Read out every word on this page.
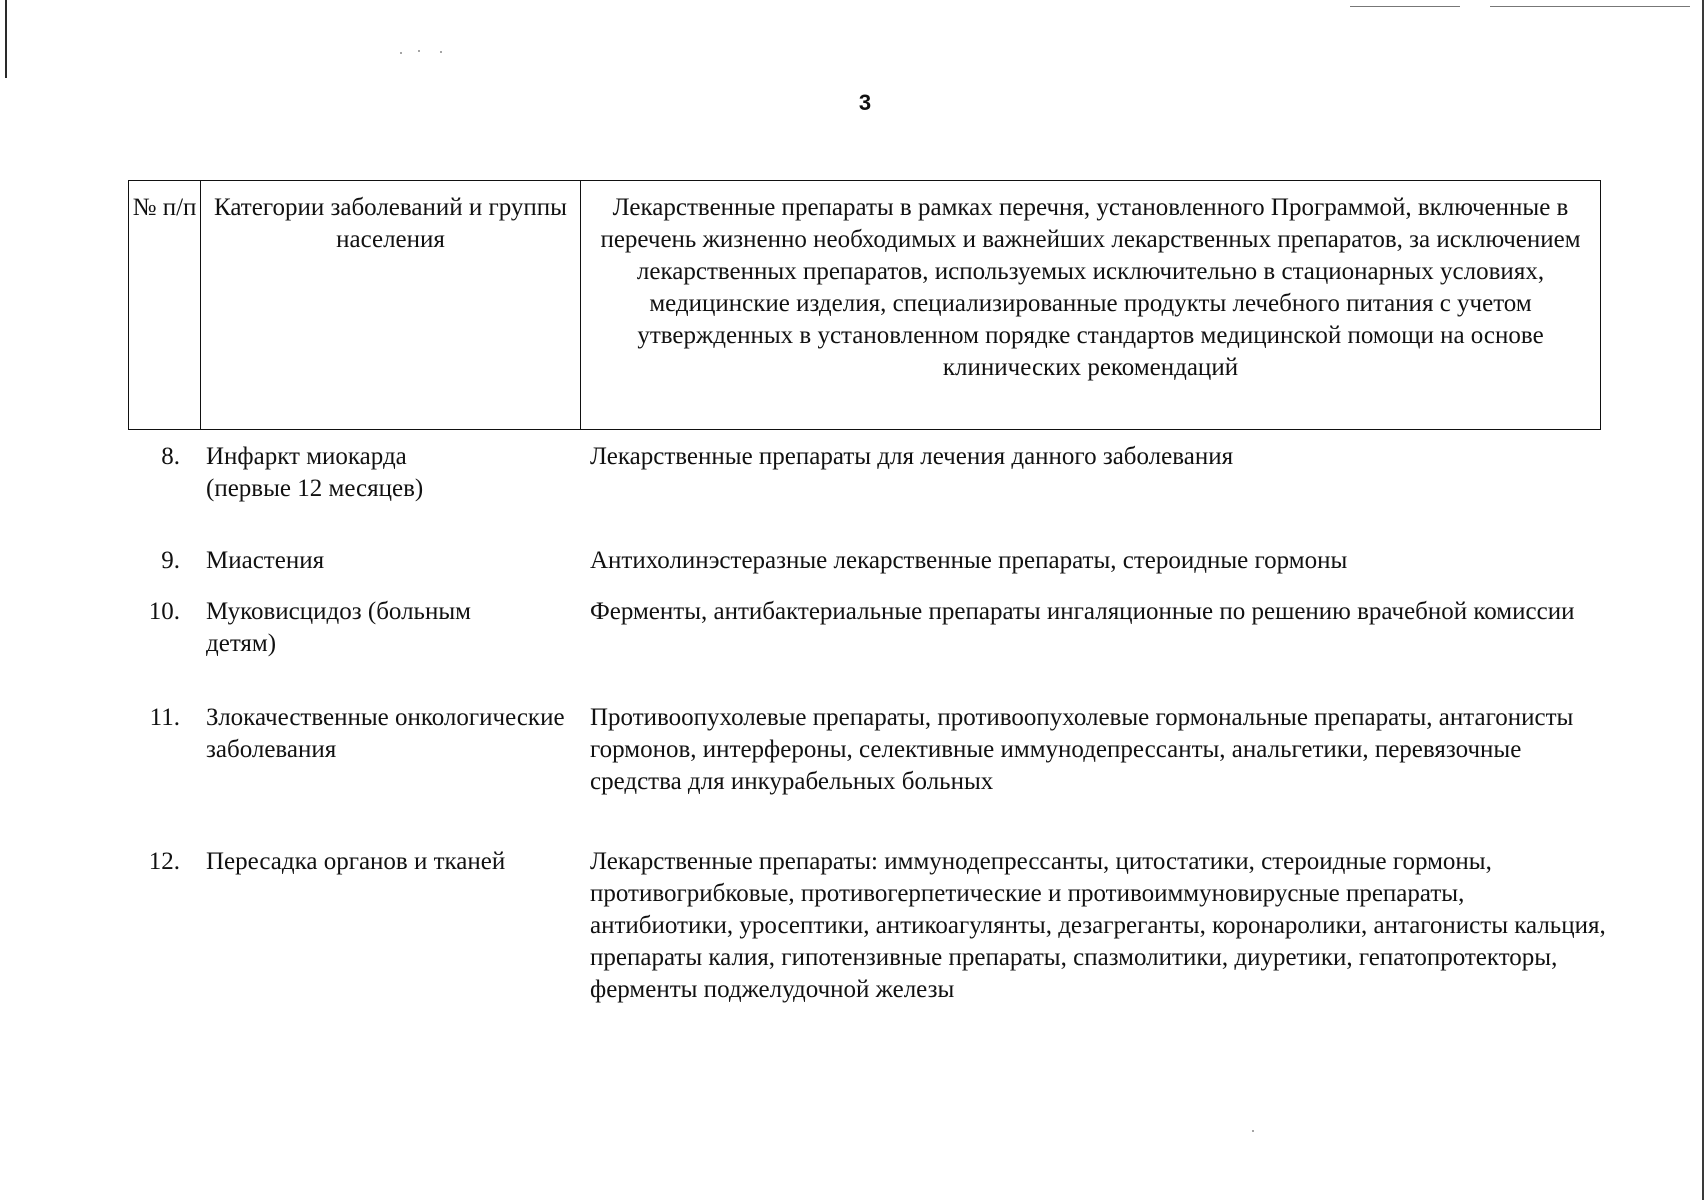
3
№ п/п Категории заболеваний и группы населения
Лекарственные препараты в рамках перечня, установленного Программой, включенные в перечень жизненно необходимых и важнейших лекарственных препаратов, за исключением лекарственных препаратов, используемых исключительно в стационарных условиях, медицинские изделия, специализированные продукты лечебного питания с учетом утвержденных в установленном порядке стандартов медицинской помощи на основе клинических рекомендаций
8. Инфаркт миокарда (первые 12 месяцев)
Лекарственные препараты для лечения данного заболевания
9. Миастения	Антихолинэстеразные лекарственные препараты, стероидные гормоны
10. Муковисцидоз (больным детям)
Ферменты, антибактериальные препараты ингаляционные по решению врачебной комиссии
11. Злокачественные онкологические заболевания
Противоопухолевые препараты, противоопухолевые гормональные препараты, антагонисты гормонов, интерфероны, селективные иммунодепрессанты, анальгетики, перевязочные средства для инкурабельных больных
12. Пересадка органов и тканей	Лекарственные препараты: иммунодепрессанты, цитостатики, стероидные гормоны, противогрибковые, противогерпетические и противоиммуновирусные препараты, антибиотики, уросептики, антикоагулянты, дезагреганты, коронаролики, антагонисты кальция, препараты калия, гипотензивные препараты, спазмолитики, диуретики, гепатопротекторы, ферменты поджелудочной железы
